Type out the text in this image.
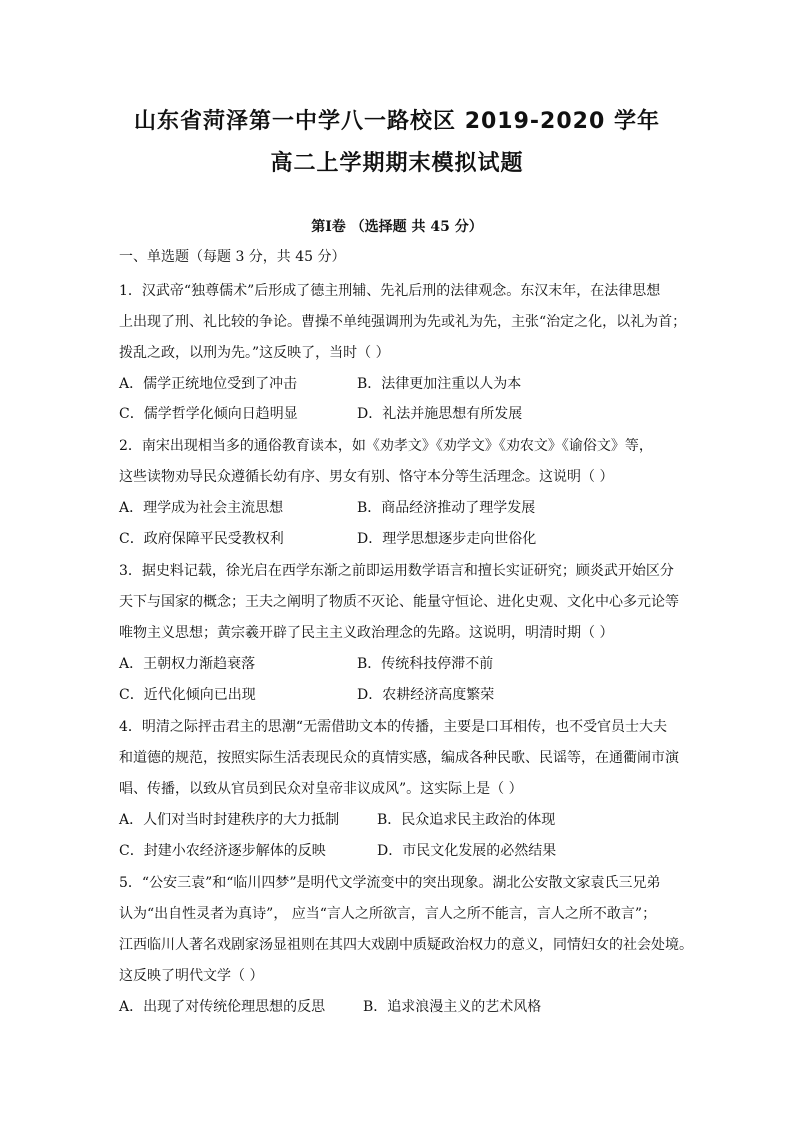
山东省菏泽第一中学八一路校区 2019-2020 学年
高二上学期期末模拟试题
第Ⅰ卷 （选择题 共 45 分）
一、单选题（每题 3 分，共 45 分）
1．汉武帝“独尊儒术”后形成了德主刑辅、先礼后刑的法律观念。东汉末年，在法律思想
上出现了刑、礼比较的争论。曹操不单纯强调刑为先或礼为先，主张“治定之化，以礼为首；
拨乱之政，以刑为先。”这反映了，当时（ ）
A．儒学正统地位受到了冲击	B．法律更加注重以人为本
C．儒学哲学化倾向日趋明显	D．礼法并施思想有所发展
2．南宋出现相当多的通俗教育读本，如《劝孝文》《劝学文》《劝农文》《谕俗文》等，
这些读物劝导民众遵循长幼有序、男女有别、恪守本分等生活理念。这说明（ ）
A．理学成为社会主流思想	B．商品经济推动了理学发展
C．政府保障平民受教权利	D．理学思想逐步走向世俗化
3．据史料记载，徐光启在西学东渐之前即运用数学语言和擅长实证研究；顾炎武开始区分
天下与国家的概念；王夫之阐明了物质不灭论、能量守恒论、进化史观、文化中心多元论等
唯物主义思想；黄宗羲开辟了民主主义政治理念的先路。这说明，明清时期（ ）
A．王朝权力渐趋衰落	B．传统科技停滞不前
C．近代化倾向已出现	D．农耕经济高度繁荣
4．明清之际抨击君主的思潮“无需借助文本的传播，主要是口耳相传，也不受官员士大夫
和道德的规范，按照实际生活表现民众的真情实感，编成各种民歌、民谣等，在通衢闹市演
唱、传播，以致从官员到民众对皇帝非议成风”。这实际上是（ ）
A．人们对当时封建秩序的大力抵制	B．民众追求民主政治的体现
C．封建小农经济逐步解体的反映	D．市民文化发展的必然结果
5．“公安三袁”和“临川四梦”是明代文学流变中的突出现象。湖北公安散文家袁氏三兄弟
认为“出自性灵者为真诗”， 应当“言人之所欲言，言人之所不能言，言人之所不敢言”；
江西临川人著名戏剧家汤显祖则在其四大戏剧中质疑政治权力的意义，同情妇女的社会处境。
这反映了明代文学（ ）
A．出现了对传统伦理思想的反思	B．追求浪漫主义的艺术风格
